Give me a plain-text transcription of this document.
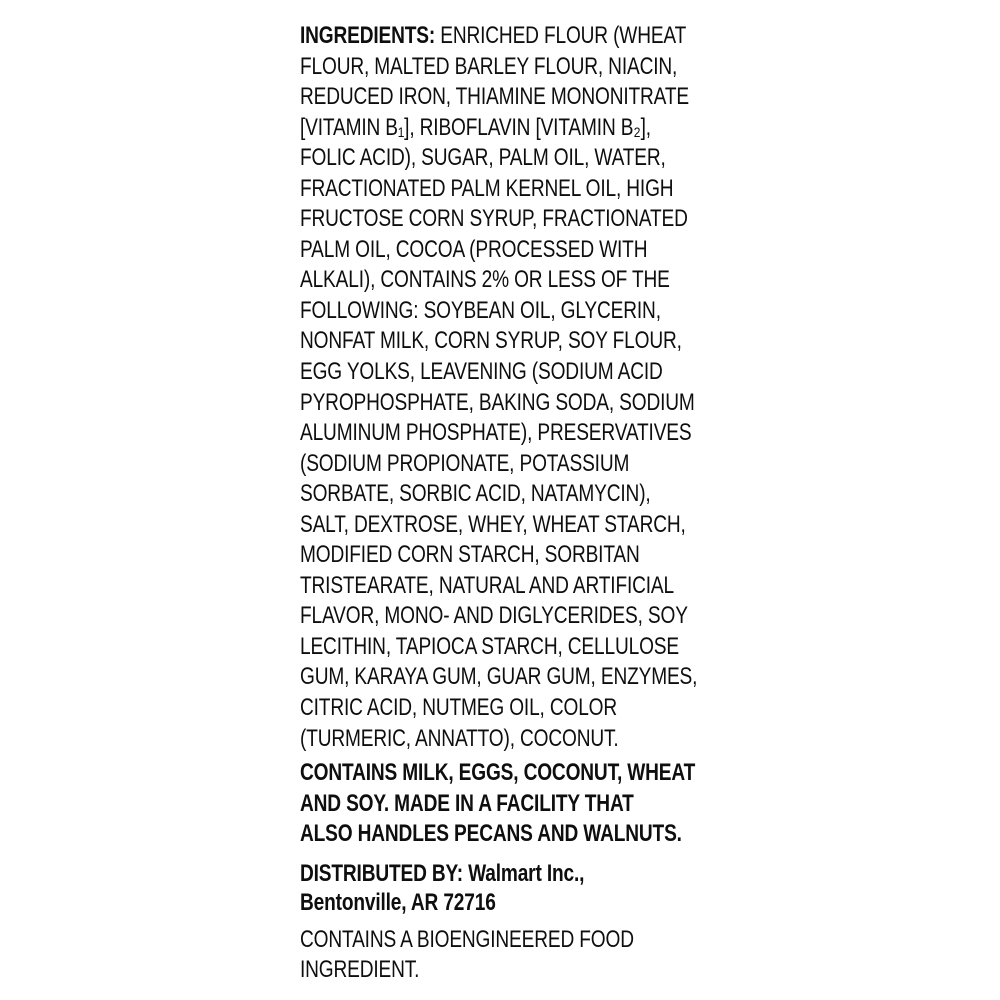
INGREDIENTS: ENRICHED FLOUR (WHEAT
FLOUR, MALTED BARLEY FLOUR, NIACIN,
REDUCED IRON, THIAMINE MONONITRATE
[VITAMIN B₁], RIBOFLAVIN [VITAMIN B₂],
FOLIC ACID), SUGAR, PALM OIL, WATER,
FRACTIONATED PALM KERNEL OIL, HIGH
FRUCTOSE CORN SYRUP, FRACTIONATED
PALM OIL, COCOA (PROCESSED WITH
ALKALI), CONTAINS 2% OR LESS OF THE
FOLLOWING: SOYBEAN OIL, GLYCERIN,
NONFAT MILK, CORN SYRUP, SOY FLOUR,
EGG YOLKS, LEAVENING (SODIUM ACID
PYROPHOSPHATE, BAKING SODA, SODIUM
ALUMINUM PHOSPHATE), PRESERVATIVES
(SODIUM PROPIONATE, POTASSIUM
SORBATE, SORBIC ACID, NATAMYCIN),
SALT, DEXTROSE, WHEY, WHEAT STARCH,
MODIFIED CORN STARCH, SORBITAN
TRISTEARATE, NATURAL AND ARTIFICIAL
FLAVOR, MONO- AND DIGLYCERIDES, SOY
LECITHIN, TAPIOCA STARCH, CELLULOSE
GUM, KARAYA GUM, GUAR GUM, ENZYMES,
CITRIC ACID, NUTMEG OIL, COLOR
(TURMERIC, ANNATTO), COCONUT.
CONTAINS MILK, EGGS, COCONUT, WHEAT
AND SOY. MADE IN A FACILITY THAT
ALSO HANDLES PECANS AND WALNUTS.
DISTRIBUTED BY: Walmart Inc.,
Bentonville, AR 72716
CONTAINS A BIOENGINEERED FOOD
INGREDIENT.
